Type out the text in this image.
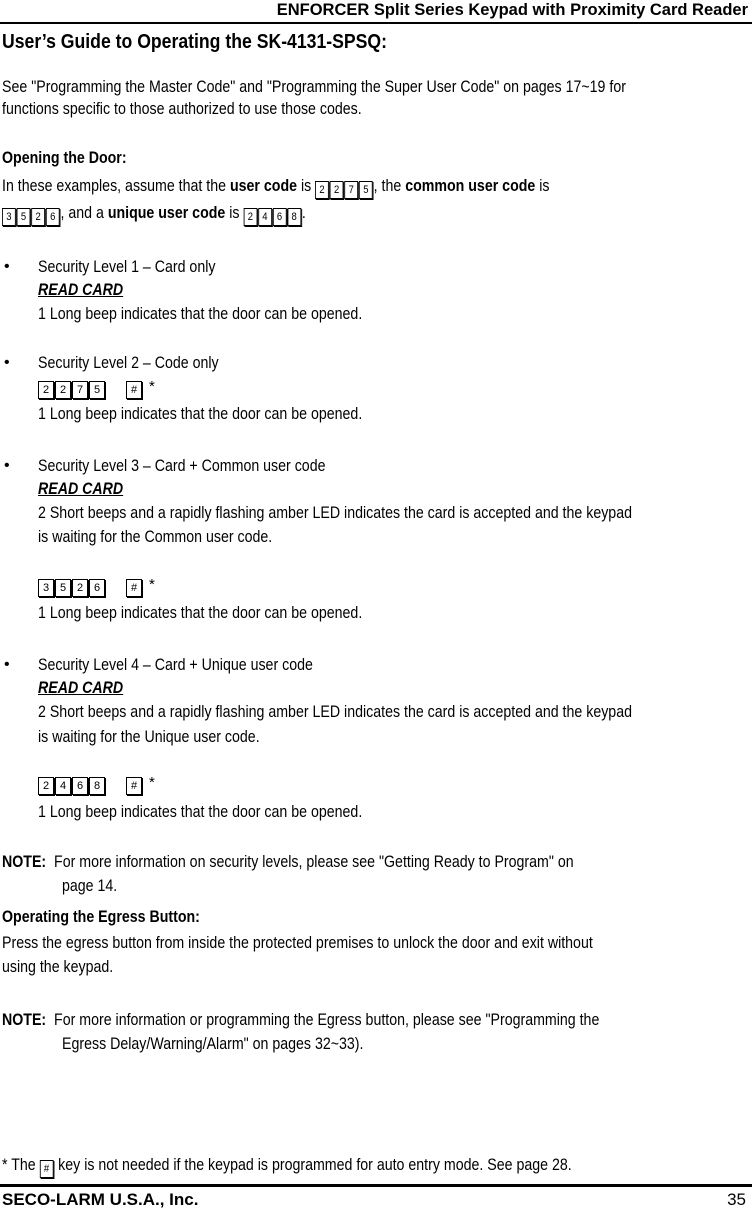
ENFORCER Split Series Keypad with Proximity Card Reader
User’s Guide to Operating the SK-4131-SPSQ:
See "Programming the Master Code" and "Programming the Super User Code" on pages 17~19 for
functions specific to those authorized to use those codes.
Opening the Door:
In these examples, assume that the user code is 2 2 7 5 , the common user code is
3 5 2 6 , and a unique user code is 2 4 6 8 .
• Security Level 1 – Card only
READ CARD
1 Long beep indicates that the door can be opened.
• Security Level 2 – Code only
2 2 7 5	# *
1 Long beep indicates that the door can be opened.
• Security Level 3 – Card + Common user code
READ CARD
2 Short beeps and a rapidly flashing amber LED indicates the card is accepted and the keypad
is waiting for the Common user code.
3 5 2 6	# *
1 Long beep indicates that the door can be opened.
• Security Level 4 – Card + Unique user code
READ CARD
2 Short beeps and a rapidly flashing amber LED indicates the card is accepted and the keypad
is waiting for the Unique user code.
2 4 6 8	# *
1 Long beep indicates that the door can be opened.
NOTE: For more information on security levels, please see "Getting Ready to Program" on
page 14.
Operating the Egress Button:
Press the egress button from inside the protected premises to unlock the door and exit without
using the keypad.
NOTE: For more information or programming the Egress button, please see "Programming the
Egress Delay/Warning/Alarm" on pages 32~33).
* The # key is not needed if the keypad is programmed for auto entry mode. See page 28.
SECO-LARM U.S.A., Inc.	35
